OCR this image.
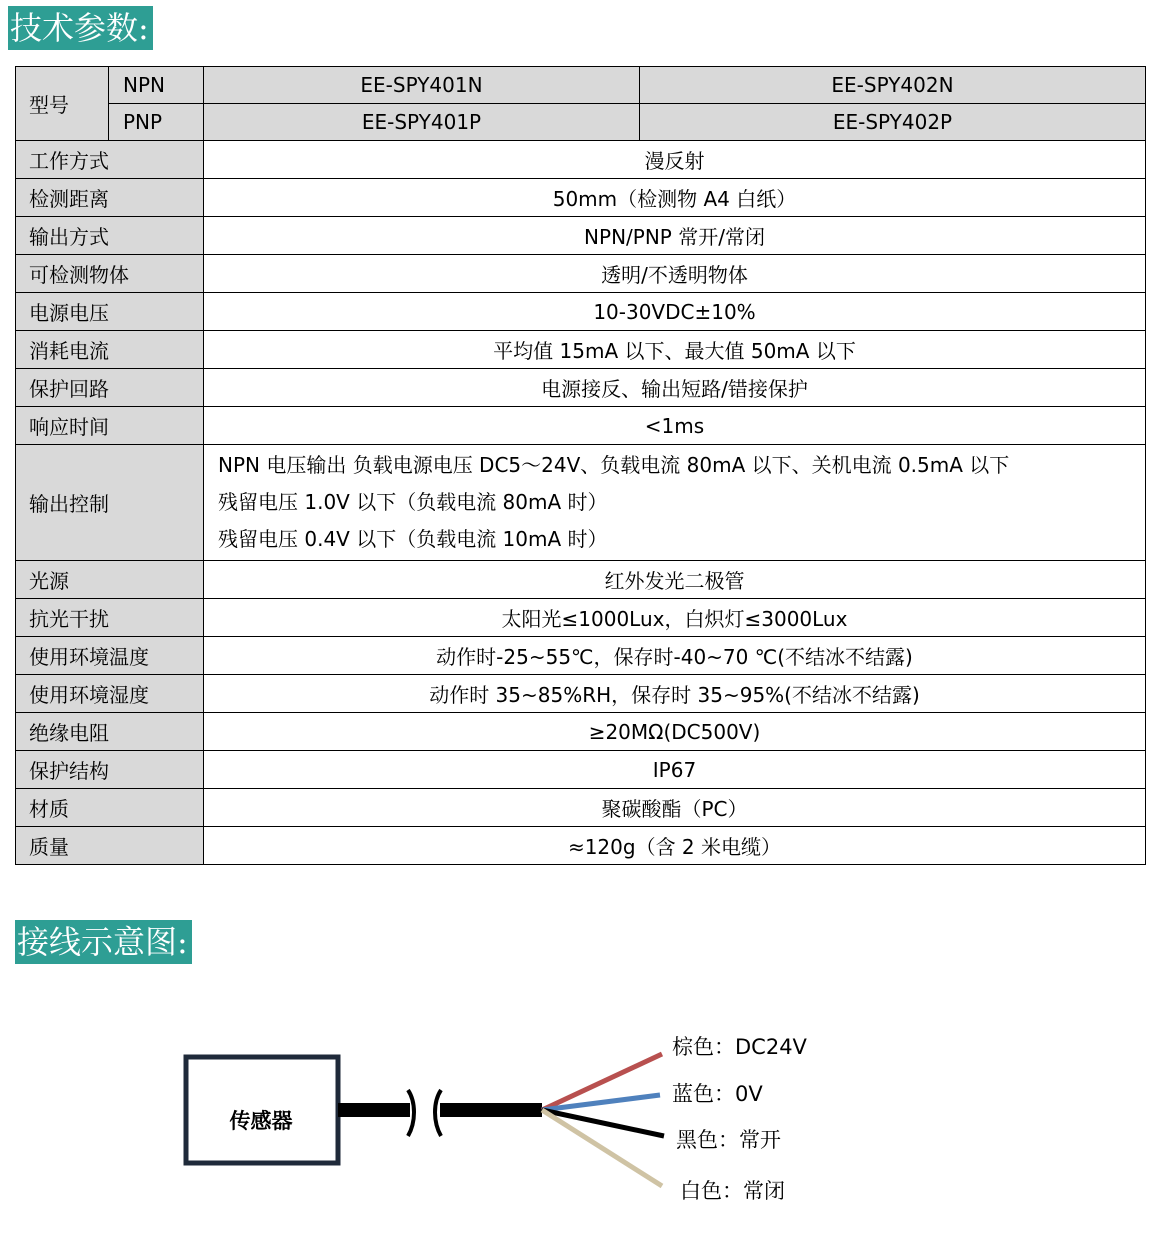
技术参数:
型号	NPN	EE-SPY401N	EE-SPY402N
	PNP	EE-SPY401P	EE-SPY402P
工作方式		漫反射	
检测距离		50mm（检测物 A4 白纸）	
输出方式		NPN/PNP 常开/常闭	
可检测物体		透明/不透明物体	
电源电压		10-30VDC±10%	
消耗电流		平均值 15mA 以下、最大值 50mA 以下	
保护回路		电源接反、输出短路/错接保护	
响应时间		<1ms	
输出控制		NPN 电压输出 负载电源电压 DC5～24V、负载电流 80mA 以下、关机电流 0.5mA 以下
残留电压 1.0V 以下（负载电流 80mA 时）
残留电压 0.4V 以下（负载电流 10mA 时）	

光源		红外发光二极管	
抗光干扰		太阳光≤1000Lux，白炽灯≤3000Lux	
使用环境温度		动作时-25~55℃，保存时-40~70 ℃(不结冰不结露)	
使用环境湿度		动作时 35~85%RH，保存时 35~95%(不结冰不结露)	
绝缘电阻		≥20MΩ(DC500V)	
保护结构		IP67	
材质		聚碳酸酯（PC）	
质量		≈120g（含 2 米电缆）	
接线示意图:
传感器
棕色：DC24V
蓝色：0V
黑色：常开
白色：常闭
